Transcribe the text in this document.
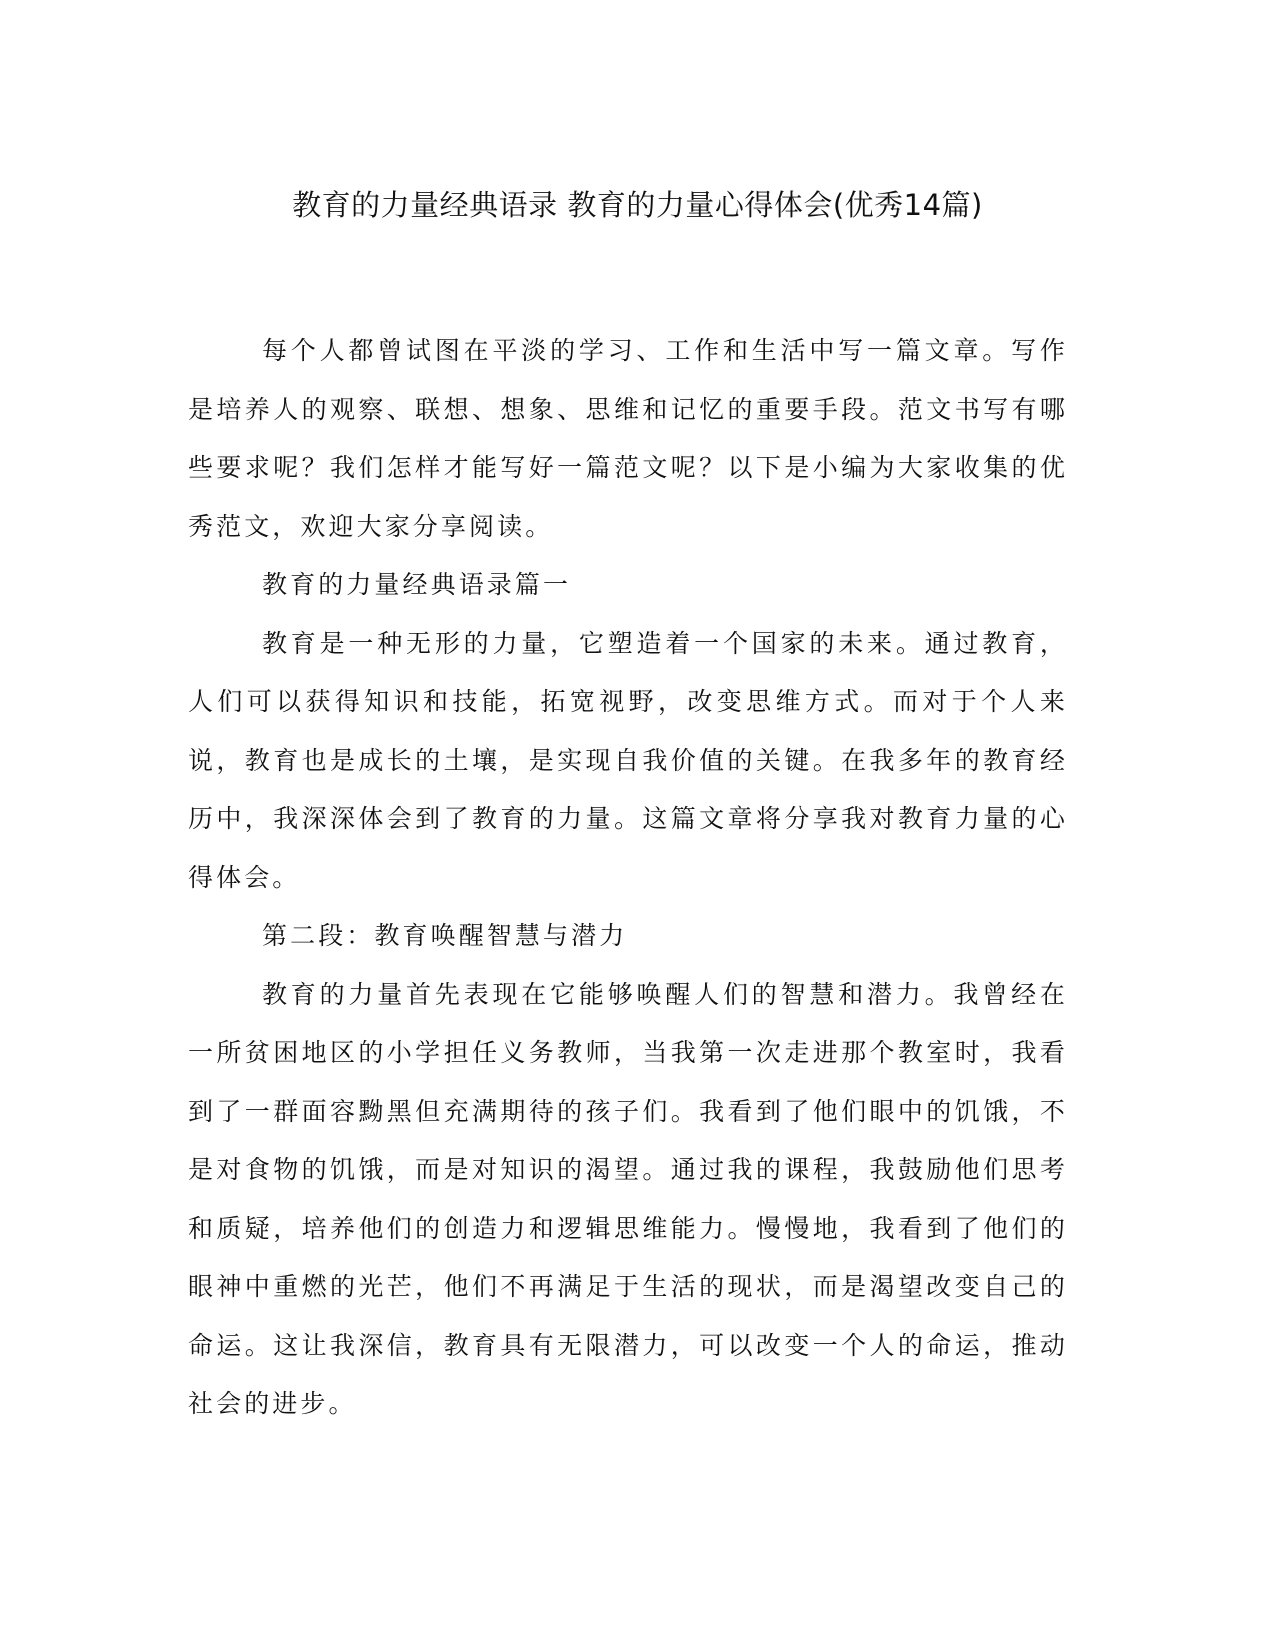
教育的力量经典语录 教育的力量心得体会(优秀14篇)

每个人都曾试图在平淡的学习、工作和生活中写一篇文章。写作是培养人的观察、联想、想象、思维和记忆的重要手段。范文书写有哪些要求呢？我们怎样才能写好一篇范文呢？以下是小编为大家收集的优秀范文，欢迎大家分享阅读。

教育的力量经典语录篇一

教育是一种无形的力量，它塑造着一个国家的未来。通过教育，人们可以获得知识和技能，拓宽视野，改变思维方式。而对于个人来说，教育也是成长的土壤，是实现自我价值的关键。在我多年的教育经历中，我深深体会到了教育的力量。这篇文章将分享我对教育力量的心得体会。

第二段：教育唤醒智慧与潜力

教育的力量首先表现在它能够唤醒人们的智慧和潜力。我曾经在一所贫困地区的小学担任义务教师，当我第一次走进那个教室时，我看到了一群面容黝黑但充满期待的孩子们。我看到了他们眼中的饥饿，不是对食物的饥饿，而是对知识的渴望。通过我的课程，我鼓励他们思考和质疑，培养他们的创造力和逻辑思维能力。慢慢地，我看到了他们的眼神中重燃的光芒，他们不再满足于生活的现状，而是渴望改变自己的命运。这让我深信，教育具有无限潜力，可以改变一个人的命运，推动社会的进步。
